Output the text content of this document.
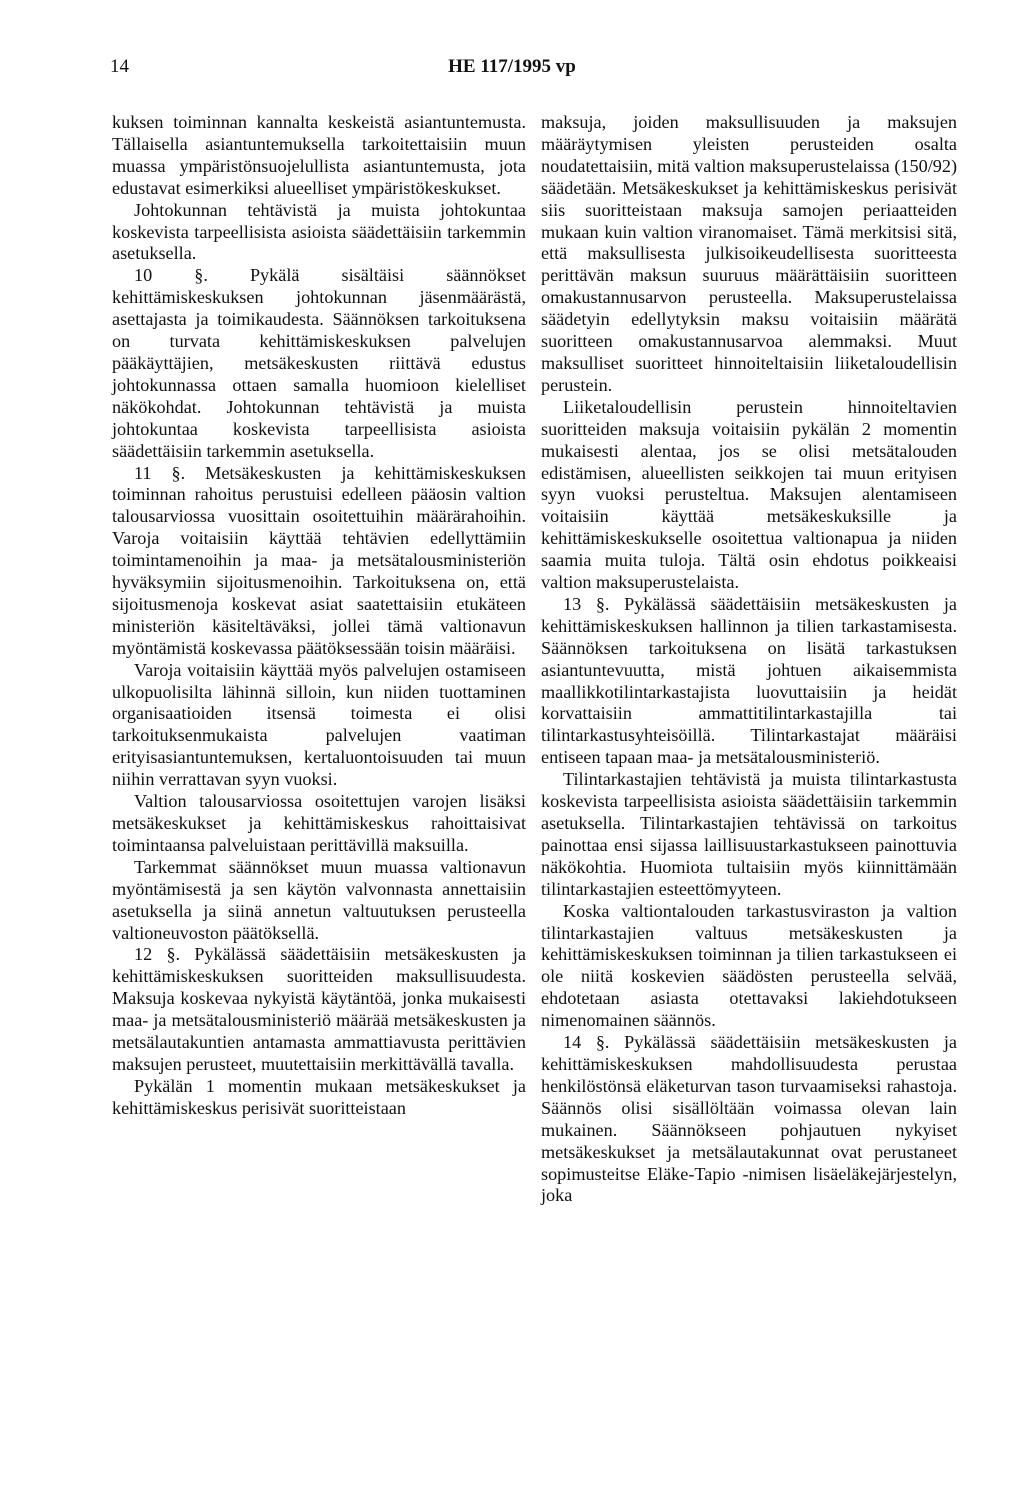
14	HE 117/1995 vp

kuksen toiminnan kannalta keskeistä asiantuntemusta. Tällaisella asiantuntemuksella tarkoitettaisiin muun muassa ympäristönsuojelullista asiantuntemusta, jota edustavat esimerkiksi alueelliset ympäristökeskukset.

Johtokunnan tehtävistä ja muista johtokuntaa koskevista tarpeellisista asioista säädettäisiin tarkemmin asetuksella.

10 §. Pykälä sisältäisi säännökset kehittämiskeskuksen johtokunnan jäsenmäärästä, asettajasta ja toimikaudesta. Säännöksen tarkoituksena on turvata kehittämiskeskuksen palvelujen pääkäyttäjien, metsäkeskusten riittävä edustus johtokunnassa ottaen samalla huomioon kielelliset näkökohdat. Johtokunnan tehtävistä ja muista johtokuntaa koskevista tarpeellisista asioista säädettäisiin tarkemmin asetuksella.

11 §. Metsäkeskusten ja kehittämiskeskuksen toiminnan rahoitus perustuisi edelleen pääosin valtion talousarviossa vuosittain osoitettuihin määrärahoihin. Varoja voitaisiin käyttää tehtävien edellyttämiin toimintamenoihin ja maa- ja metsätalousministeriön hyväksymiin sijoitusmenoihin. Tarkoituksena on, että sijoitusmenoja koskevat asiat saatettaisiin etukäteen ministeriön käsiteltäväksi, jollei tämä valtionavun myöntämistä koskevassa päätöksessään toisin määräisi.

Varoja voitaisiin käyttää myös palvelujen ostamiseen ulkopuolisilta lähinnä silloin, kun niiden tuottaminen organisaatioiden itsensä toimesta ei olisi tarkoituksenmukaista palvelujen vaatiman erityisasiantuntemuksen, kertaluontoisuuden tai muun niihin verrattavan syyn vuoksi.

Valtion talousarviossa osoitettujen varojen lisäksi metsäkeskukset ja kehittämiskeskus rahoittaisivat toimintaansa palveluistaan perittävillä maksuilla.

Tarkemmat säännökset muun muassa valtionavun myöntämisestä ja sen käytön valvonnasta annettaisiin asetuksella ja siinä annetun valtuutuksen perusteella valtioneuvoston päätöksellä.

12 §. Pykälässä säädettäisiin metsäkeskusten ja kehittämiskeskuksen suoritteiden maksullisuudesta. Maksuja koskevaa nykyistä käytäntöä, jonka mukaisesti maa- ja metsätalousministeriö määrää metsäkeskusten ja metsälautakuntien antamasta ammattiavusta perittävien maksujen perusteet, muutettaisiin merkittävällä tavalla.

Pykälän 1 momentin mukaan metsäkeskukset ja kehittämiskeskus perisivät suoritteistaan

maksuja, joiden maksullisuuden ja maksujen määräytymisen yleisten perusteiden osalta noudatettaisiin, mitä valtion maksuperustelaissa (150/92) säädetään. Metsäkeskukset ja kehittämiskeskus perisivät siis suoritteistaan maksuja samojen periaatteiden mukaan kuin valtion viranomaiset. Tämä merkitsisi sitä, että maksullisesta julkisoikeudellisesta suoritteesta perittävän maksun suuruus määrättäisiin suoritteen omakustannusarvon perusteella. Maksuperustelaissa säädetyin edellytyksin maksu voitaisiin määrätä suoritteen omakustannusarvoa alemmaksi. Muut maksulliset suoritteet hinnoiteltaisiin liiketaloudellisin perustein.

Liiketaloudellisin perustein hinnoiteltavien suoritteiden maksuja voitaisiin pykälän 2 momentin mukaisesti alentaa, jos se olisi metsätalouden edistämisen, alueellisten seikkojen tai muun erityisen syyn vuoksi perusteltua. Maksujen alentamiseen voitaisiin käyttää metsäkeskuksille ja kehittämiskeskukselle osoitettua valtionapua ja niiden saamia muita tuloja. Tältä osin ehdotus poikkeaisi valtion maksuperustelaista.

13 §. Pykälässä säädettäisiin metsäkeskusten ja kehittämiskeskuksen hallinnon ja tilien tarkastamisesta. Säännöksen tarkoituksena on lisätä tarkastuksen asiantuntevuutta, mistä johtuen aikaisemmista maallikkotilintarkastajista luovuttaisiin ja heidät korvattaisiin ammattitilintarkastajilla tai tilintarkastusyhteisöillä. Tilintarkastajat määräisi entiseen tapaan maa- ja metsätalousministeriö.

Tilintarkastajien tehtävistä ja muista tilintarkastusta koskevista tarpeellisista asioista säädettäisiin tarkemmin asetuksella. Tilintarkastajien tehtävissä on tarkoitus painottaa ensi sijassa laillisuustarkastukseen painottuvia näkökohtia. Huomiota tultaisiin myös kiinnittämään tilintarkastajien esteettömyyteen.

Koska valtiontalouden tarkastusviraston ja valtion tilintarkastajien valtuus metsäkeskusten ja kehittämiskeskuksen toiminnan ja tilien tarkastukseen ei ole niitä koskevien säädösten perusteella selvää, ehdotetaan asiasta otettavaksi lakiehdotukseen nimenomainen säännös.

14 §. Pykälässä säädettäisiin metsäkeskusten ja kehittämiskeskuksen mahdollisuudesta perustaa henkilöstönsä eläketurvan tason turvaamiseksi rahastoja. Säännös olisi sisällöltään voimassa olevan lain mukainen. Säännökseen pohjautuen nykyiset metsäkeskukset ja metsälautakunnat ovat perustaneet sopimusteitse Eläke-Tapio -nimisen lisäeläkejärjestelyn, joka
